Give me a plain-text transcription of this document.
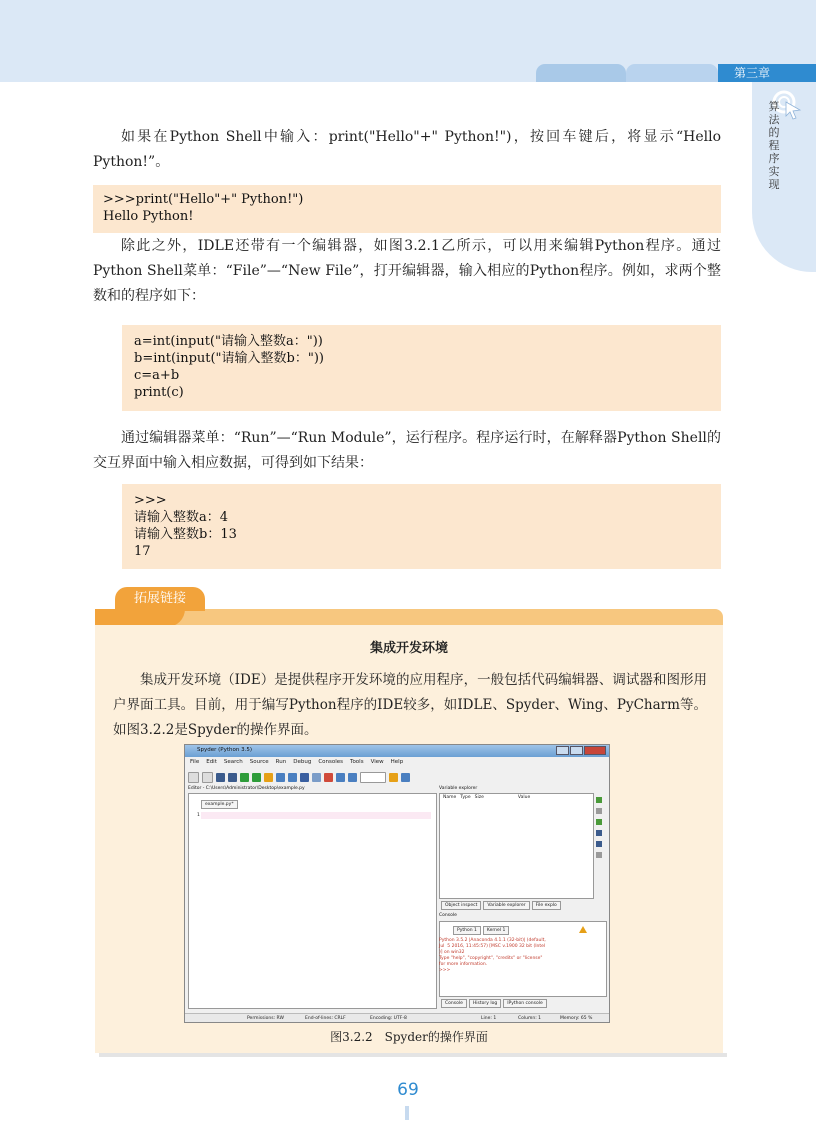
第三章
算法的程序实现
如果在Python Shell中输入：print("Hello"+" Python!")，按回车键后，将显示“Hello Python!”。
>>>print("Hello"+" Python!")
Hello Python!
除此之外，IDLE还带有一个编辑器，如图3.2.1乙所示，可以用来编辑Python程序。通过Python Shell菜单：“File”—“New File”，打开编辑器，输入相应的Python程序。例如，求两个整数和的程序如下：
a=int(input("请输入整数a："))
b=int(input("请输入整数b："))
c=a+b
print(c)
通过编辑器菜单：“Run”—“Run Module”，运行程序。程序运行时，在解释器Python Shell的交互界面中输入相应数据，可得到如下结果：
>>>
请输入整数a：4
请输入整数b：13
17
拓展链接
集成开发环境
集成开发环境（IDE）是提供程序开发环境的应用程序，一般包括代码编辑器、调试器和图形用户界面工具。目前，用于编写Python程序的IDE较多，如IDLE、Spyder、Wing、PyCharm等。如图3.2.2是Spyder的操作界面。
Spyder (Python 3.5)
File Edit Search Source Run Debug Consoles Tools View Help
Editor - C:\Users\Administrator\Desktop\example.py
example.py*
1
Variable explorer
Name Type Size	Value
Object inspect	Variable explorer	File explo
Console
Python 1	Kernel 1
Python 3.5.2 |Anaconda 4.1.1 (32-bit)| (default,
Jul  5 2016, 11:45:57) [MSC v.1900 32 bit (Intel
)] on win32
Type "help", "copyright", "credits" or "license"
for more information.
>>>
Console	History log	IPython console
Permissions: RW	End-of-lines: CRLF	Encoding: UTF-8	Line: 1	Column: 1	Memory: 65 %
图3.2.2　Spyder的操作界面
69
